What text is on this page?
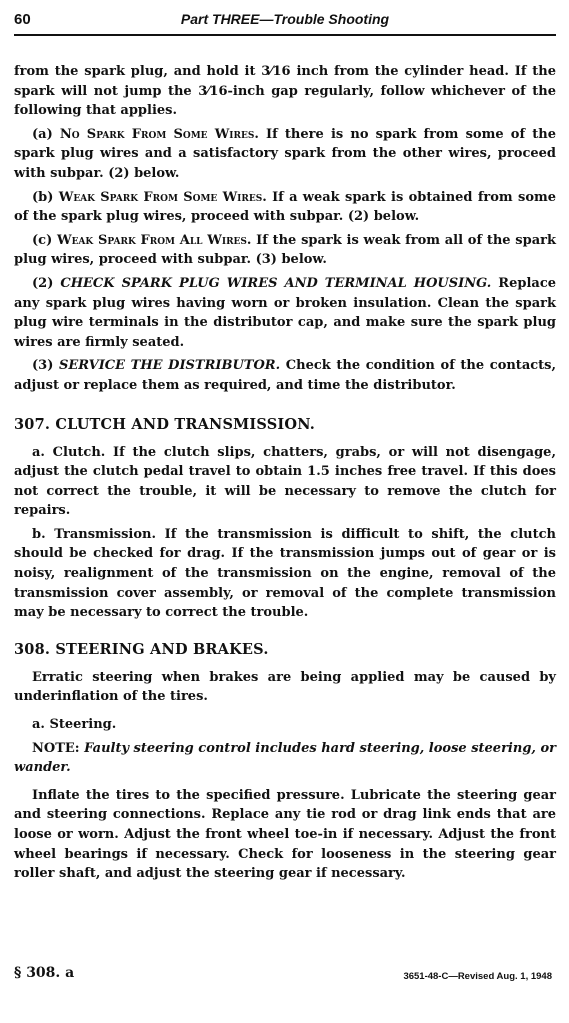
60	Part THREE—Trouble Shooting

from the spark plug, and hold it 3⁄16 inch from the cylinder head. If the spark will not jump the 3⁄16-inch gap regularly, follow whichever of the following that applies.

(a) No Spark From Some Wires. If there is no spark from some of the spark plug wires and a satisfactory spark from the other wires, proceed with subpar. (2) below.

(b) Weak Spark From Some Wires. If a weak spark is obtained from some of the spark plug wires, proceed with subpar. (2) below.

(c) Weak Spark From All Wires. If the spark is weak from all of the spark plug wires, proceed with subpar. (3) below.

(2) CHECK SPARK PLUG WIRES AND TERMINAL HOUSING. Replace any spark plug wires having worn or broken insulation. Clean the spark plug wire terminals in the distributor cap, and make sure the spark plug wires are firmly seated.

(3) SERVICE THE DISTRIBUTOR. Check the condition of the contacts, adjust or replace them as required, and time the distributor.

307. CLUTCH AND TRANSMISSION.

a. Clutch. If the clutch slips, chatters, grabs, or will not disengage, adjust the clutch pedal travel to obtain 1.5 inches free travel. If this does not correct the trouble, it will be necessary to remove the clutch for repairs.

b. Transmission. If the transmission is difficult to shift, the clutch should be checked for drag. If the transmission jumps out of gear or is noisy, realignment of the transmission on the engine, removal of the transmission cover assembly, or removal of the complete transmission may be necessary to correct the trouble.

308. STEERING AND BRAKES.

Erratic steering when brakes are being applied may be caused by underinflation of the tires.

a. Steering.

NOTE: Faulty steering control includes hard steering, loose steering, or wander.

Inflate the tires to the specified pressure. Lubricate the steering gear and steering connections. Replace any tie rod or drag link ends that are loose or worn. Adjust the front wheel toe-in if necessary. Adjust the front wheel bearings if necessary. Check for looseness in the steering gear roller shaft, and adjust the steering gear if necessary.

§ 308. a	3651-48-C—Revised Aug. 1, 1948
